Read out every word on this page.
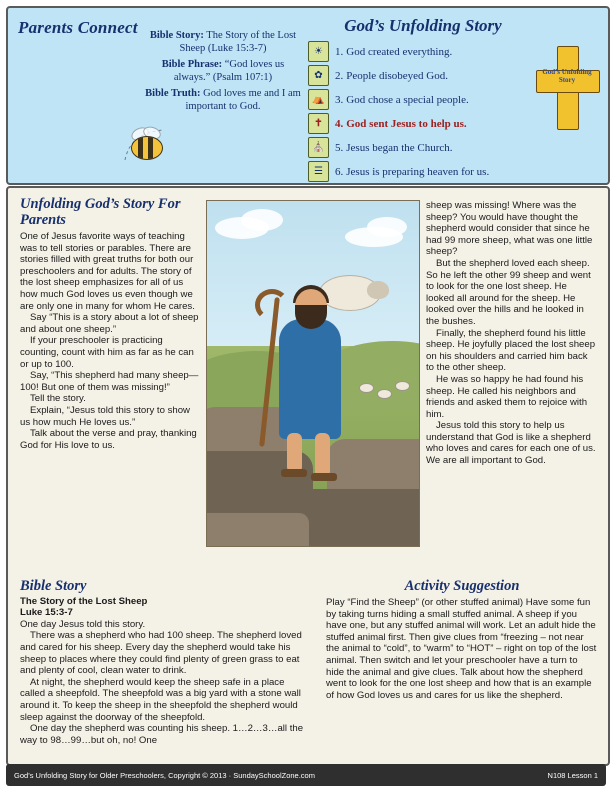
Parents Connect	Bible Story: The Story of the Lost Sheep (Luke 15:3-7)
Bible Phrase: “God loves us always.” (Psalm 107:1)
Bible Truth: God loves me and I am important to God.
God’s Unfolding Story
☀	1. God created everything.
✿	2. People disobeyed God.
⛺ 3. God chose a special people.
✝	4. God sent Jesus to help us.
⛪ 5. Jesus began the Church.
☰	6. Jesus is preparing heaven for us.
God’s Unfolding Story
Unfolding God’s Story For Parents

One of Jesus favorite ways of teaching was to tell stories or parables. There are stories filled with great truths for both our preschoolers and for adults. The story of the lost sheep emphasizes for all of us how much God loves us even though we are only one in many for whom He cares.

Say “This is a story about a lot of sheep and about one sheep.”

If your preschooler is practicing counting, count with him as far as he can or up to 100.

Say, “This shepherd had many sheep—100! But one of them was missing!”

Tell the story.

Explain, “Jesus told this story to show us how much He loves us.”

Talk about the verse and pray, thanking God for His love to us.

sheep was missing! Where was the sheep? You would have thought the shepherd would consider that since he had 99 more sheep, what was one little sheep?

But the shepherd loved each sheep. So he left the other 99 sheep and went to look for the one lost sheep. He looked all around for the sheep. He looked over the hills and he looked in the bushes.

Finally, the shepherd found his little sheep. He joyfully placed the lost sheep on his shoulders and carried him back to the other sheep.

He was so happy he had found his sheep. He called his neighbors and friends and asked them to rejoice with him.

Jesus told this story to help us understand that God is like a shepherd who loves and cares for each one of us. We are all important to God.

Bible Story

The Story of the Lost Sheep

Luke 15:3-7

One day Jesus told this story.

There was a shepherd who had 100 sheep. The shepherd loved and cared for his sheep. Every day the shepherd would take his sheep to places where they could find plenty of green grass to eat and plenty of cool, clean water to drink.

At night, the shepherd would keep the sheep safe in a place called a sheepfold. The sheepfold was a big yard with a stone wall around it. To keep the sheep in the sheepfold the shepherd would sleep against the doorway of the sheepfold.

One day the shepherd was counting his sheep. 1…2…3…all the way to 98…99…but oh, no! One

Activity Suggestion

Play “Find the Sheep” (or other stuffed animal) Have some fun by taking turns hiding a small stuffed animal. A sheep if you have one, but any stuffed animal will work. Let an adult hide the stuffed animal first. Then give clues from “freezing – not near the animal to “cold”, to “warm” to “HOT” – right on top of the lost animal. Then switch and let your preschooler have a turn to hide the animal and give clues. Talk about how the shepherd went to look for the one lost sheep and how that is an example of how God loves us and cares for us like the shepherd.

God’s Unfolding Story for Older Preschoolers, Copyright © 2013 · SundaySchoolZone.com	N108 Lesson 1
